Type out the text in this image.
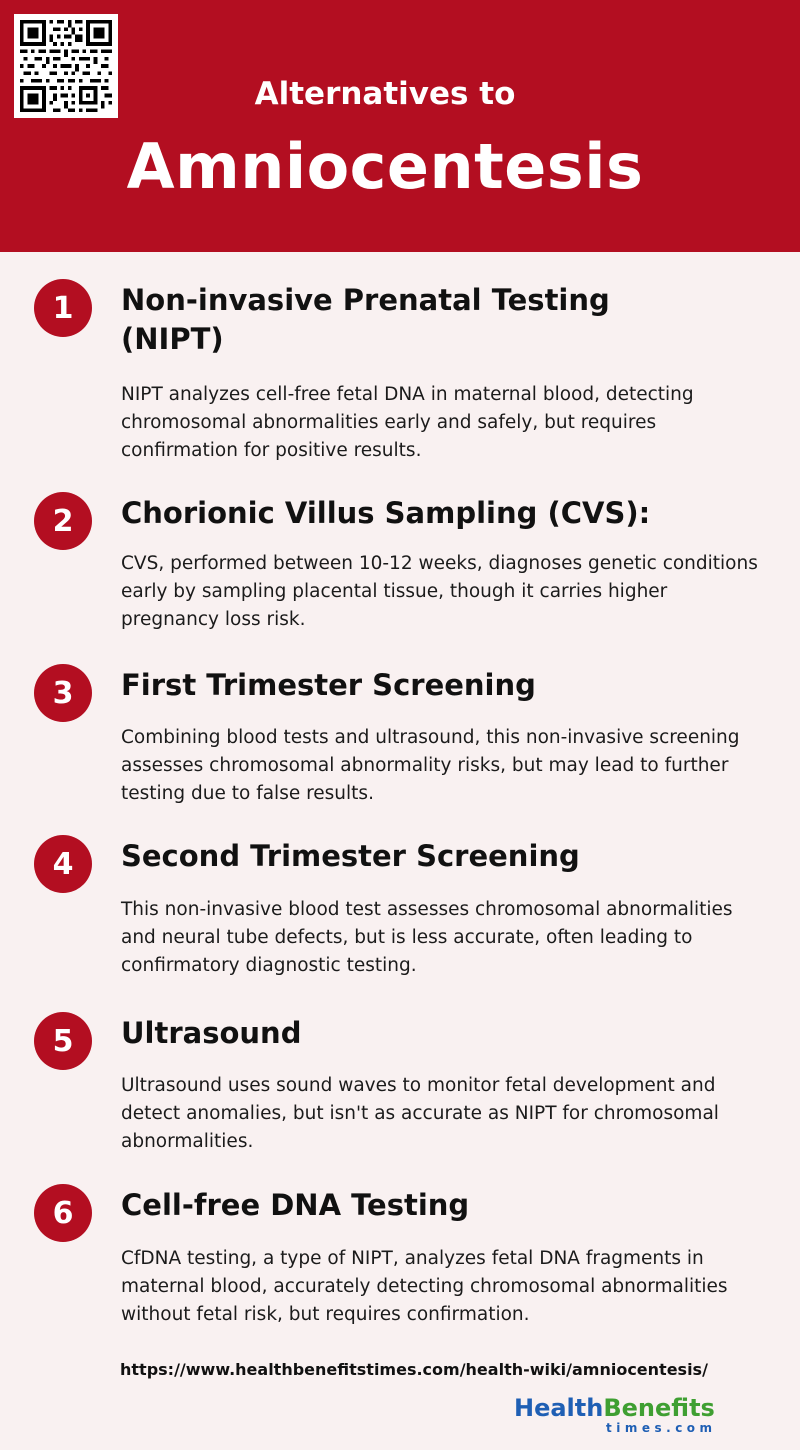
Alternatives to
Amniocentesis
1	Non-invasive Prenatal Testing (NIPT)
NIPT analyzes cell-free fetal DNA in maternal blood, detecting chromosomal abnormalities early and safely, but requires confirmation for positive results.
2	Chorionic Villus Sampling (CVS):
CVS, performed between 10-12 weeks, diagnoses genetic conditions early by sampling placental tissue, though it carries higher pregnancy loss risk.
3	First Trimester Screening
Combining blood tests and ultrasound, this non-invasive screening assesses chromosomal abnormality risks, but may lead to further testing due to false results.
4	Second Trimester Screening
This non-invasive blood test assesses chromosomal abnormalities and neural tube defects, but is less accurate, often leading to confirmatory diagnostic testing.
5	Ultrasound
Ultrasound uses sound waves to monitor fetal development and detect anomalies, but isn't as accurate as NIPT for chromosomal abnormalities.
6	Cell-free DNA Testing
CfDNA testing, a type of NIPT, analyzes fetal DNA fragments in maternal blood, accurately detecting chromosomal abnormalities without fetal risk, but requires confirmation.
https://www.healthbenefitstimes.com/health-wiki/amniocentesis/
HealthBenefits
times.com
